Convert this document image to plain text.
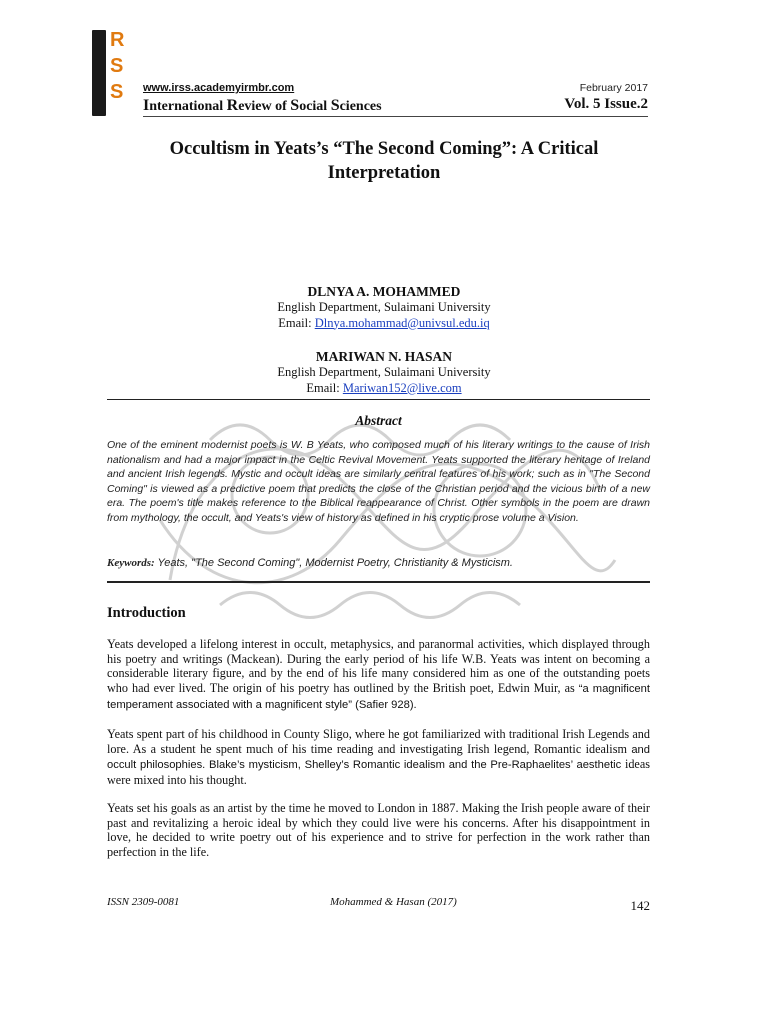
R
S
S www.irss.academyirmbr.com
International Review of Social Sciences
February 2017
Vol. 5 Issue.2
Occultism in Yeats’s “The Second Coming”: A Critical
Interpretation
DLNYA A. MOHAMMED
English Department, Sulaimani University
Email: Dlnya.mohammad@univsul.edu.iq
MARIWAN N. HASAN
English Department, Sulaimani University
Email: Mariwan152@live.com
Abstract
One of the eminent modernist poets is W. B Yeats, who composed much of his literary writings to the cause of Irish nationalism and had a major impact in the Celtic Revival Movement. Yeats supported the literary heritage of Ireland and ancient Irish legends. Mystic and occult ideas are similarly central features of his work; such as in "The Second Coming" is viewed as a predictive poem that predicts the close of the Christian period and the vicious birth of a new era. The poem's title makes reference to the Biblical reappearance of Christ. Other symbols in the poem are drawn from mythology, the occult, and Yeats's view of history as defined in his cryptic prose volume a Vision.
Keywords: Yeats, "The Second Coming", Modernist Poetry, Christianity & Mysticism.
Introduction
Yeats developed a lifelong interest in occult, metaphysics, and paranormal activities, which displayed through his poetry and writings (Mackean). During the early period of his life W.B. Yeats was intent on becoming a considerable literary figure, and by the end of his life many considered him as one of the outstanding poets who had ever lived. The origin of his poetry has outlined by the British poet, Edwin Muir, as “a magnificent temperament associated with a magnificent style” (Safier 928).
Yeats spent part of his childhood in County Sligo, where he got familiarized with traditional Irish Legends and lore. As a student he spent much of his time reading and investigating Irish legend, Romantic idealism and occult philosophies. Blake’s mysticism, Shelley’s Romantic idealism and the Pre-Raphaelites’ aesthetic ideas were mixed into his thought.
Yeats set his goals as an artist by the time he moved to London in 1887. Making the Irish people aware of their past and revitalizing a heroic ideal by which they could live were his concerns. After his disappointment in love, he decided to write poetry out of his experience and to strive for perfection in the work rather than perfection in the life.
ISSN 2309-0081	Mohammed & Hasan (2017)	142
